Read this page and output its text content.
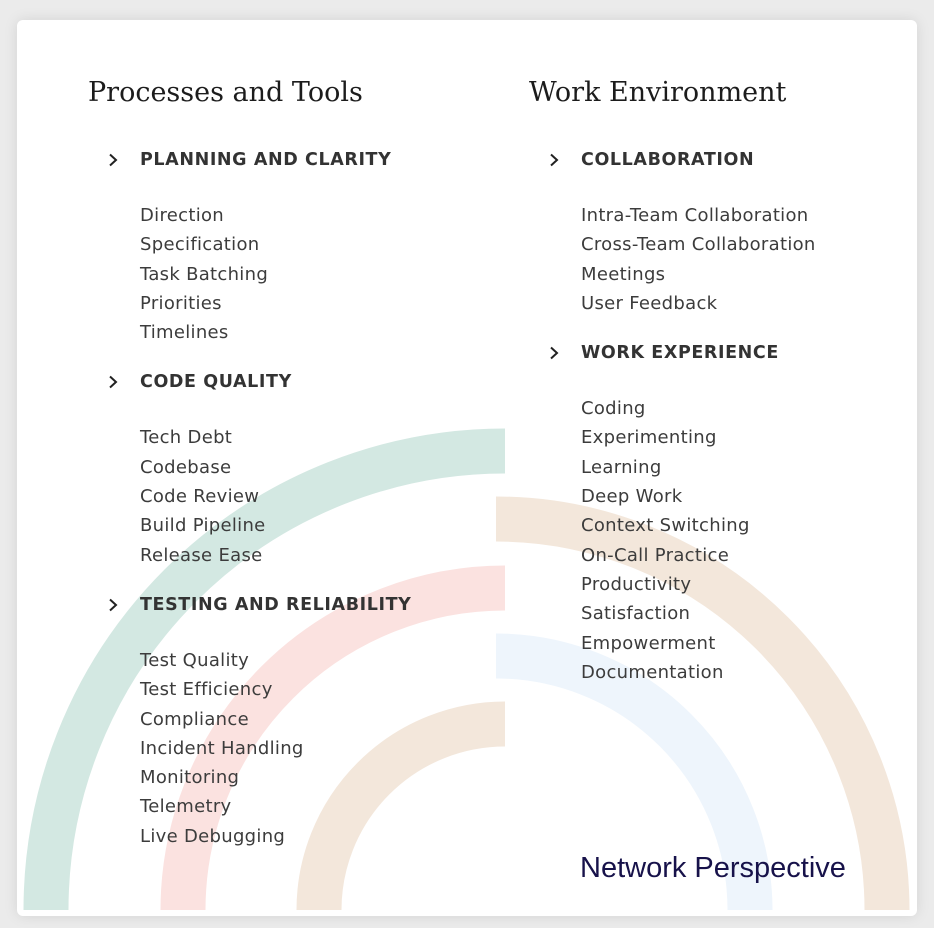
Processes and Tools
PLANNING AND CLARITY
Direction
Specification
Task Batching
Priorities
Timelines
CODE QUALITY
Tech Debt
Codebase
Code Review
Build Pipeline
Release Ease
TESTING AND RELIABILITY
Test Quality
Test Efficiency
Compliance
Incident Handling
Monitoring
Telemetry
Live Debugging
Work Environment
COLLABORATION
Intra-Team Collaboration
Cross-Team Collaboration
Meetings
User Feedback
WORK EXPERIENCE
Coding
Experimenting
Learning
Deep Work
Context Switching
On-Call Practice
Productivity
Satisfaction
Empowerment
Documentation
Network Perspective
